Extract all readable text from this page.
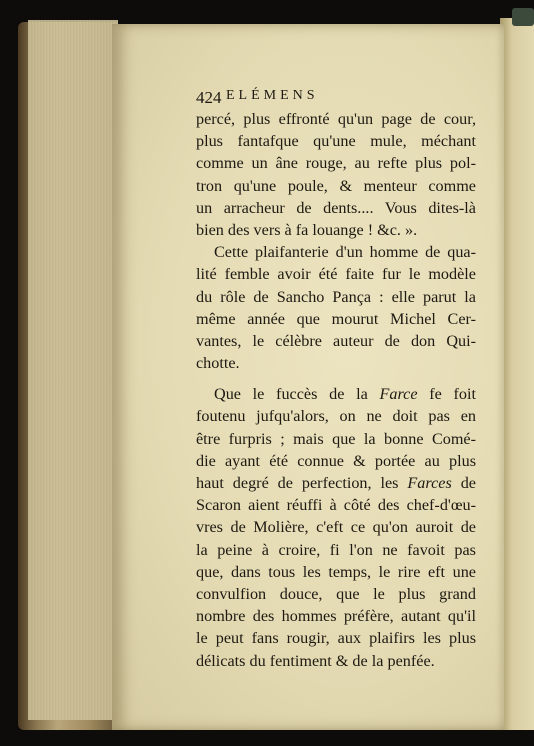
424 ELÉMENS
percé, plus effronté qu'un page de cour,
plus fantafque qu'une mule, méchant
comme un âne rouge, au refte plus pol-
tron qu'une poule, & menteur comme
un arracheur de dents.... Vous dites-là
bien des vers à fa louange ! &c. ».
Cette plaifanterie d'un homme de qua-
lité femble avoir été faite fur le modèle
du rôle de Sancho Pança : elle parut la
même année que mourut Michel Cer-
vantes, le célèbre auteur de don Qui-
chotte.
Que le fuccès de la Farce fe foit
foutenu jufqu'alors, on ne doit pas en
être furpris ; mais que la bonne Comé-
die ayant été connue & portée au plus
haut degré de perfection, les Farces de
Scaron aient réuffi à côté des chef-d'œu-
vres de Molière, c'eft ce qu'on auroit de
la peine à croire, fi l'on ne favoit pas
que, dans tous les temps, le rire eft une
convulfion douce, que le plus grand
nombre des hommes préfère, autant qu'il
le peut fans rougir, aux plaifirs les plus
délicats du fentiment & de la penfée.
